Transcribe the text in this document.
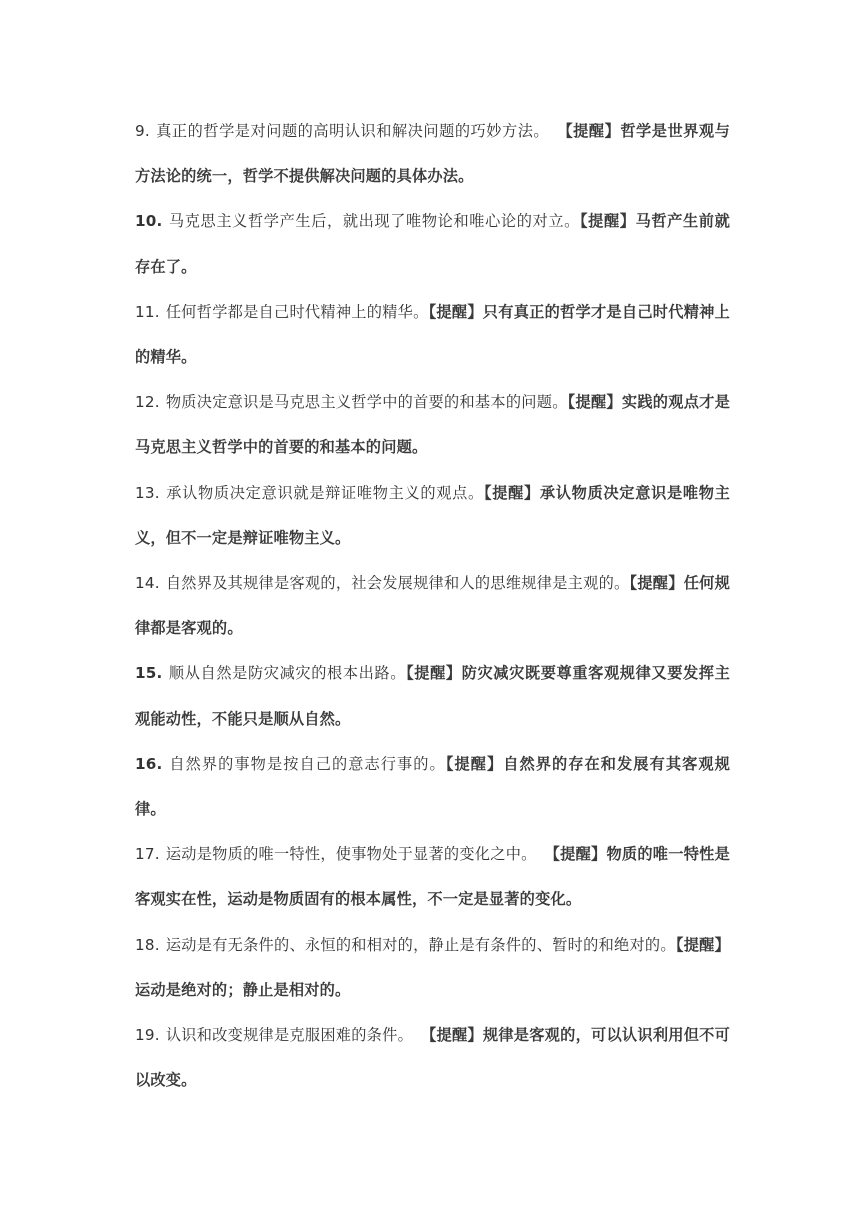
9. 真正的哲学是对问题的高明认识和解决问题的巧妙方法。 【提醒】哲学是世界观与方法论的统一，哲学不提供解决问题的具体办法。

10. 马克思主义哲学产生后，就出现了唯物论和唯心论的对立。【提醒】马哲产生前就存在了。

11. 任何哲学都是自己时代精神上的精华。【提醒】只有真正的哲学才是自己时代精神上的精华。

12. 物质决定意识是马克思主义哲学中的首要的和基本的问题。【提醒】实践的观点才是马克思主义哲学中的首要的和基本的问题。

13. 承认物质决定意识就是辩证唯物主义的观点。【提醒】承认物质决定意识是唯物主义，但不一定是辩证唯物主义。

14. 自然界及其规律是客观的，社会发展规律和人的思维规律是主观的。【提醒】任何规律都是客观的。

15. 顺从自然是防灾减灾的根本出路。【提醒】防灾减灾既要尊重客观规律又要发挥主观能动性，不能只是顺从自然。

16. 自然界的事物是按自己的意志行事的。【提醒】自然界的存在和发展有其客观规律。

17. 运动是物质的唯一特性，使事物处于显著的变化之中。 【提醒】物质的唯一特性是客观实在性，运动是物质固有的根本属性，不一定是显著的变化。

18. 运动是有无条件的、永恒的和相对的，静止是有条件的、暂时的和绝对的。【提醒】运动是绝对的；静止是相对的。

19. 认识和改变规律是克服困难的条件。 【提醒】规律是客观的，可以认识利用但不可以改变。
